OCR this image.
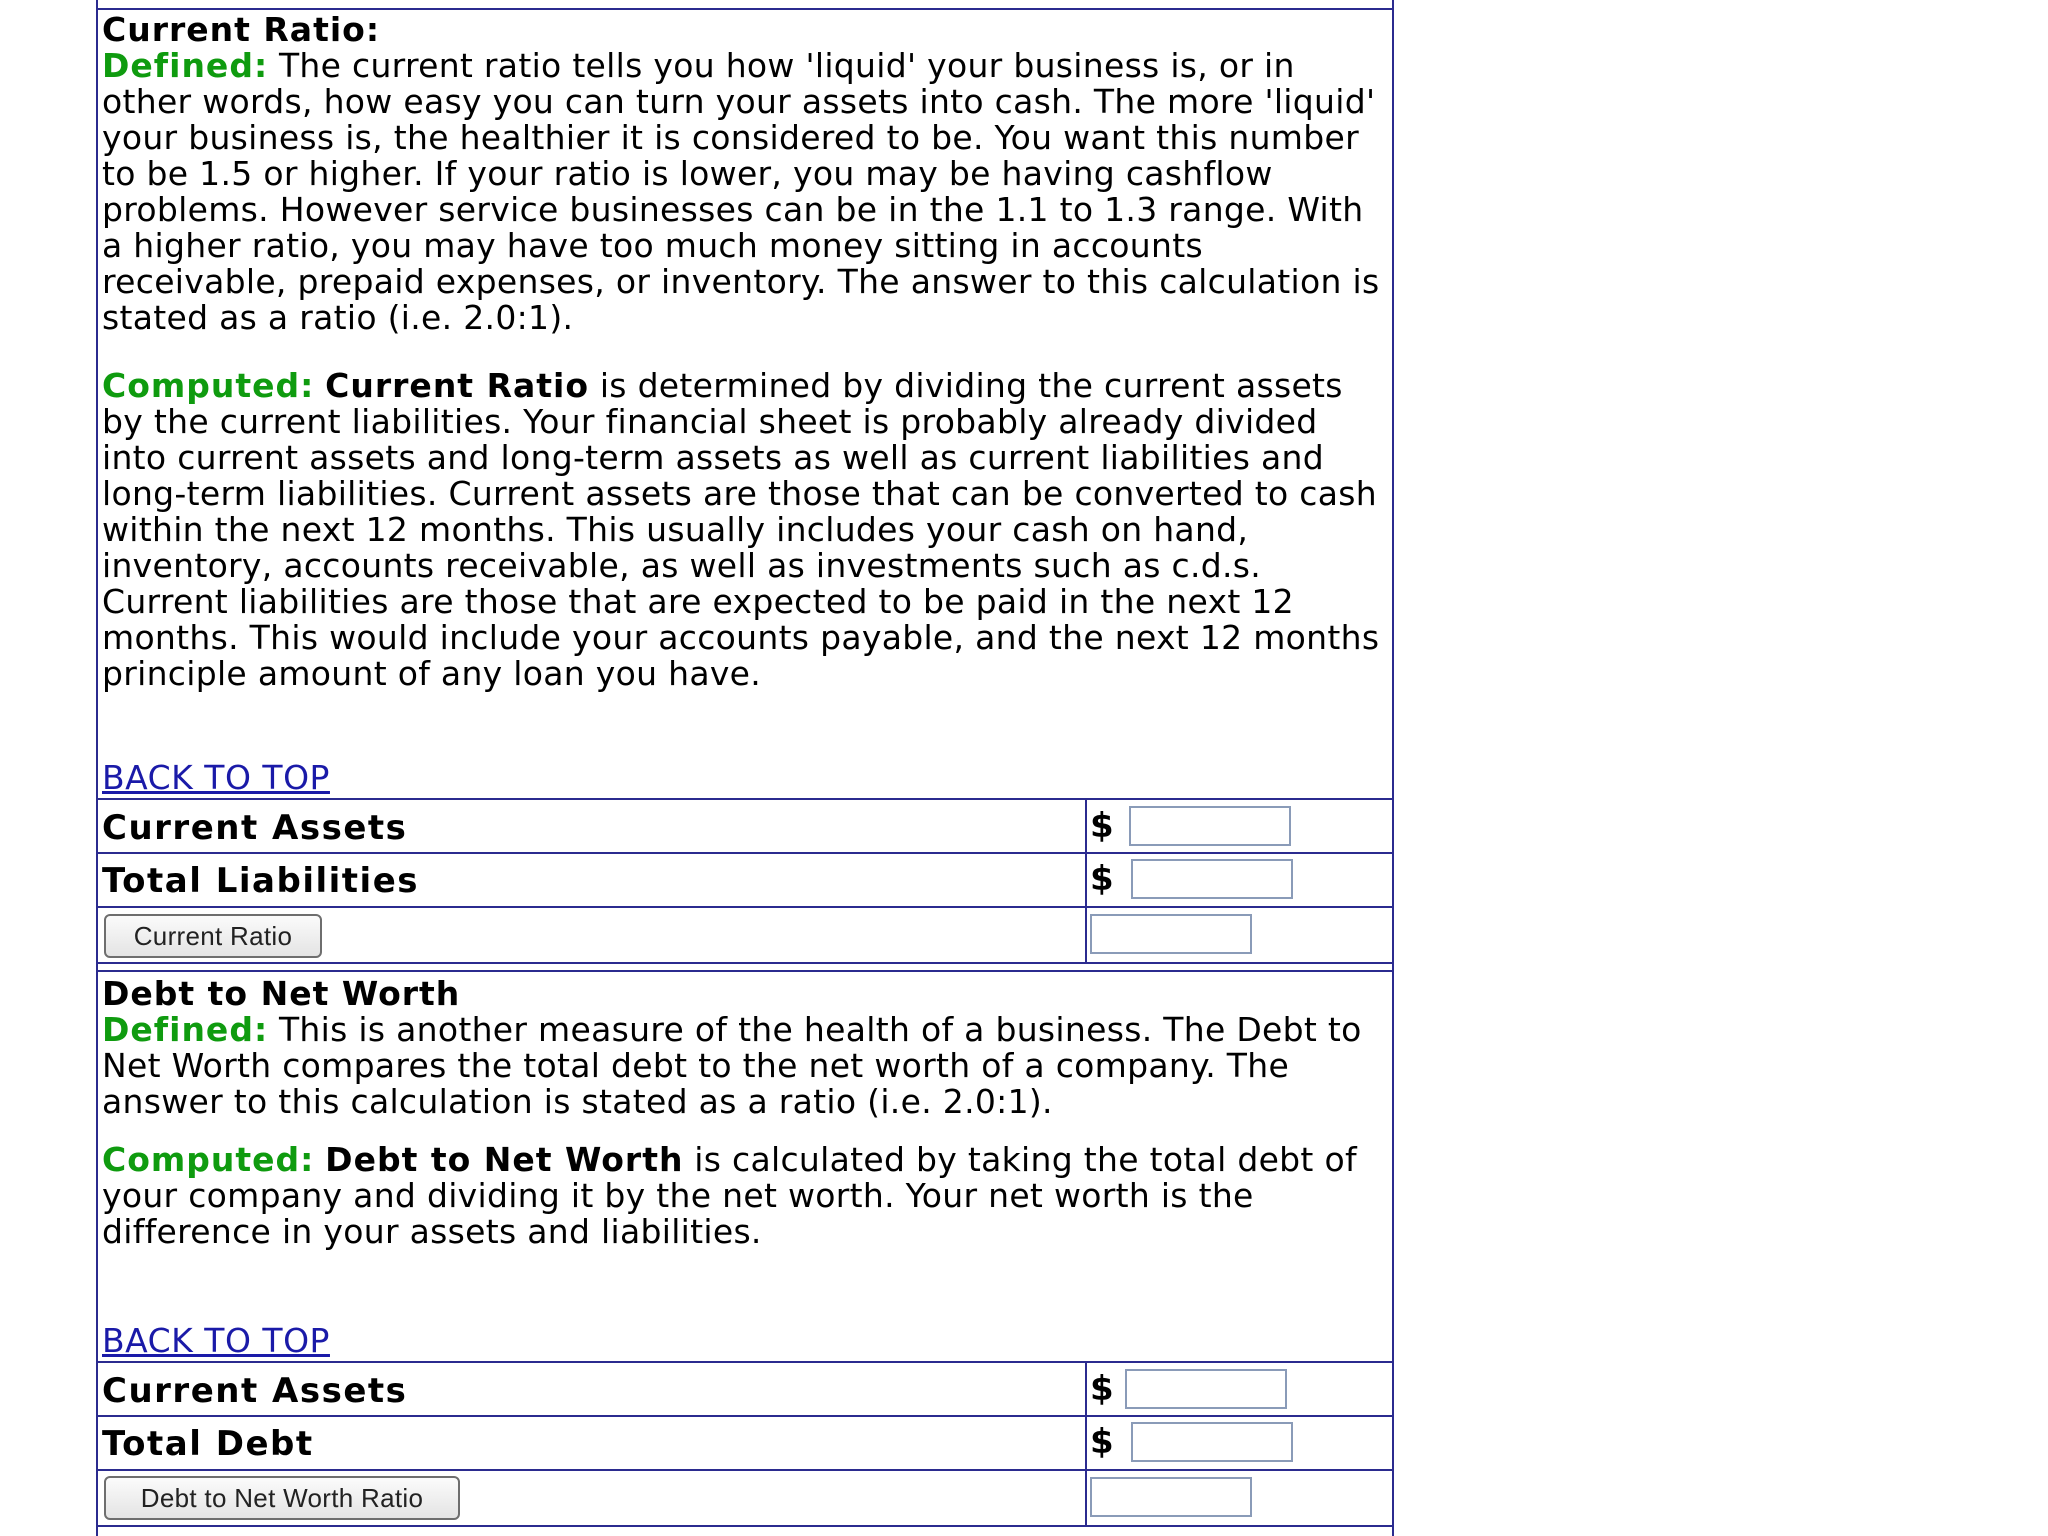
Current Ratio:

Defined: The current ratio tells you how 'liquid' your business is, or in other words, how easy you can turn your assets into cash. The more 'liquid' your business is, the healthier it is considered to be. You want this number to be 1.5 or higher. If your ratio is lower, you may be having cashflow problems. However service businesses can be in the 1.1 to 1.3 range. With a higher ratio, you may have too much money sitting in accounts receivable, prepaid expenses, or inventory. The answer to this calculation is stated as a ratio (i.e. 2.0:1).

Computed: Current Ratio is determined by dividing the current assets by the current liabilities. Your financial sheet is probably already divided into current assets and long-term assets as well as current liabilities and long-term liabilities. Current assets are those that can be converted to cash within the next 12 months. This usually includes your cash on hand, inventory, accounts receivable, as well as investments such as c.d.s. Current liabilities are those that are expected to be paid in the next 12 months. This would include your accounts payable, and the next 12 months principle amount of any loan you have.

BACK TO TOP
Current Assets	$
Total Liabilities	$
Current Ratio
Debt to Net Worth

Defined: This is another measure of the health of a business. The Debt to Net Worth compares the total debt to the net worth of a company. The answer to this calculation is stated as a ratio (i.e. 2.0:1).

Computed: Debt to Net Worth is calculated by taking the total debt of your company and dividing it by the net worth. Your net worth is the difference in your assets and liabilities.

BACK TO TOP
Current Assets	$
Total Debt	$
Debt to Net Worth Ratio
